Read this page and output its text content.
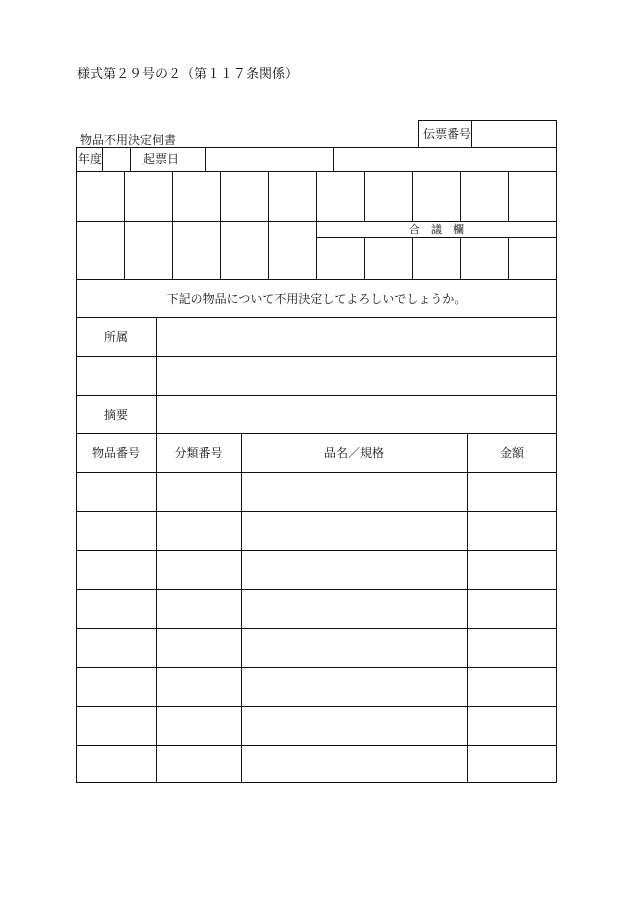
様式第２９号の２（第１１７条関係）
物品不用決定伺書	伝票番号
年度	起票日
合　議　欄
下記の物品について不用決定してよろしいでしょうか。
所属
摘要
物品番号	分類番号	品名／規格	金額
